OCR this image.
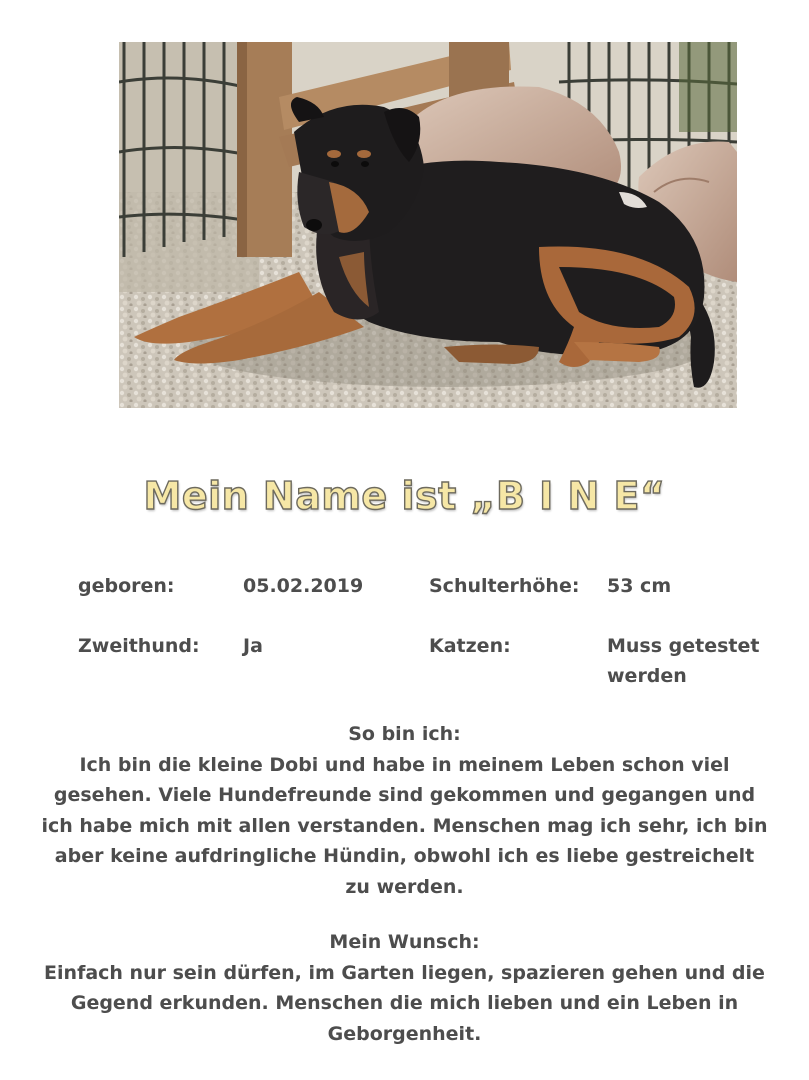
Mein Name ist „B I N E“
geboren:	05.02.2019	Schulterhöhe: 53 cm
Zweithund: Ja	Katzen:	Muss getestet
werden
So bin ich:
Ich bin die kleine Dobi und habe in meinem Leben schon viel gesehen. Viele Hundefreunde sind gekommen und gegangen und ich habe mich mit allen verstanden. Menschen mag ich sehr, ich bin aber keine aufdringliche Hündin, obwohl ich es liebe gestreichelt zu werden.
Mein Wunsch:
Einfach nur sein dürfen, im Garten liegen, spazieren gehen und die Gegend erkunden. Menschen die mich lieben und ein Leben in Geborgenheit.
